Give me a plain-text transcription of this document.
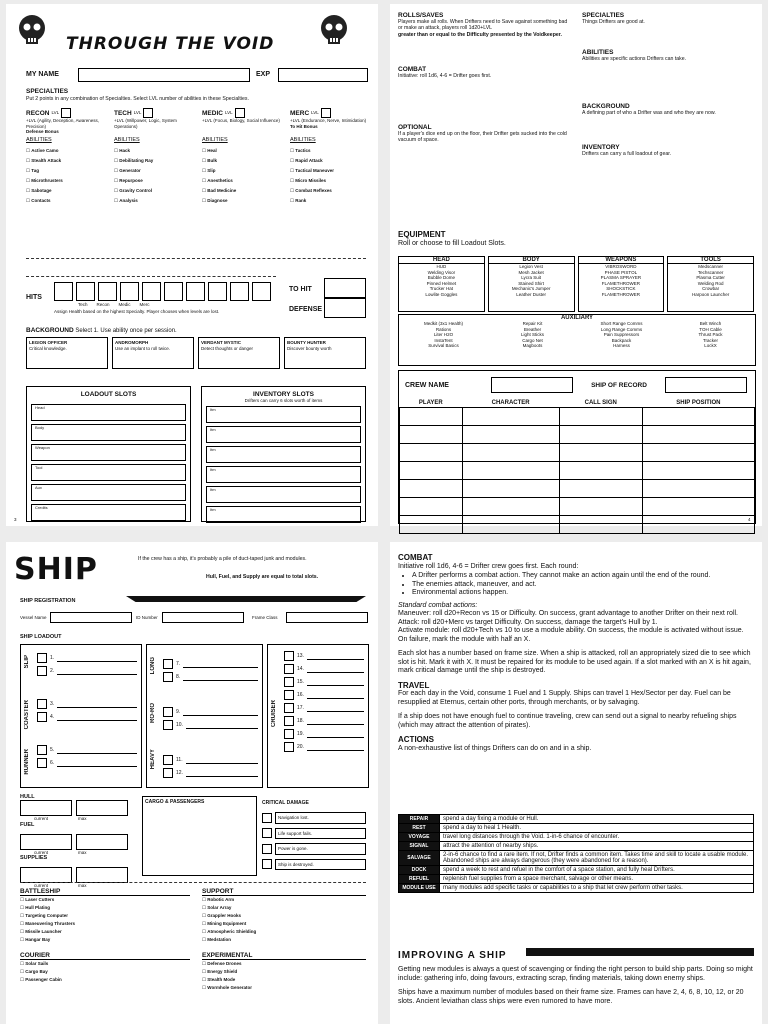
THROUGH THE VOID
MY NAME	EXP
SPECIALTIES
Put 2 points in any combination of Specialties. Select LVL number of abilities in these Specialties.
RECON LVL
+LVL (Agility, Deception, Awareness, Precision)
Defense Bonus
TECH LVL
+LVL (Willpower, Logic, System Operations)
MEDIC LVL
+LVL (Focus, Biology, Social Influence)
MERC LVL
+LVL (Endurance, Nerve, Intimidation)
To Hit Bonus
ABILITIES
☐ Active Camo
☐ Stealth Attack
☐ Tag
☐ Microthrusters
☐ Sabotage
☐ Contacts
ABILITIES
☐ Hack
☐ Debilitating Ray
☐ Generator
☐ Repurpose
☐ Gravity Control
☐ Analysis
ABILITIES
☐ Heal
☐ Bulk
☐ Slip
☐ Anesthetics
☐ Bad Medicine
☐ Diagnose
ABILITIES
☐ Tactics
☐ Rapid Attack
☐ Tactical Maneuver
☐ Micro Missiles
☐ Combat Reflexes
☐ Rank
TO HIT
DEFENSE
HITS
Tech Recon Medic Merc
Assign Health based on the highest Specialty. Player chooses when levels are lost.
BACKGROUND Select 1. Use ability once per session.
LEGION OFFICER
Critical knowledge.
ANDROMORPH
Use an implant to roll twice.
VERDANT MYSTIC
Detect thoughts or danger
BOUNTY HUNTER
Discover bounty worth
LOADOUT SLOTS
Head
Body
Weapon
Tool
Aux
Credits
INVENTORY SLOTS
Drifters can carry 6 slots worth of items
Itm
Itm
Itm
Itm
Itm
Itm
3
ROLLS/SAVES
Players make all rolls. When Drifters need to Save against something bad or make an attack, players roll 1d20+LVL
greater than or equal to the Difficulty presented by the Voidkeeper.
COMBAT
Initiative: roll 1d6, 4-6 = Drifter goes first.
OPTIONAL
If a player's dice end up on the floor, their Drifter gets sucked into the cold vacuum of space.
SPECIALTIES
Things Drifters are good at.
ABILITIES
Abilities are specific actions Drifters can take.
BACKGROUND
A defining part of who a Drifter was and who they are now.
INVENTORY
Drifters can carry a full loadout of gear.
EQUIPMENT
Roll or choose to fill Loadout Slots.
HEAD
HUD
Welding Visor
Bubble Dome
Pinned Helmet
Trucker Hat
Lowlite Goggles
BODY
Legion Vest
Mesh Jacket
Lycra Suit
Stained Shirt
Mechanic's Jumper
Leather Duster
WEAPONS
VIBROSWORD
PHASE PISTOL
PLASMA SPRAYER
FLAMETHROWER
SHOCKSTICK
FLAMETHROWER
TOOLS
Medscanner
Techscanner
Plasma Cutter
Welding Rod
Crowbar
Harpoon Launcher
AUXILIARY
Medkit (3x1 Health)
Rations
Liter H2O
InstaTent
Survival Basics
Repair Kit
Breather
Light Sticks
Cargo Net
Magboots
Short Range Comms
Long Range Comms
Pain Suppressors
Backpack
Harness
Belt Winch
TOH Cable
Thrust Pack
Tracker
LockX
CREW NAME	SHIP OF RECORD
PLAYER	CHARACTER	CALL SIGN	SHIP POSITION

4
SHIP	If the crew has a ship, it's probably a pile of duct-taped junk and modules.
Hull, Fuel, and Supply are equal to total slots.
SHIP REGISTRATION
Vessel Name	ID Number	Frame Class
SHIP LOADOUT
SLIP
COASTER
RUNNER
1.
2.
3.
4.
5.
6.
LONG
RO-RO
HEAVY
7.
8.
9.
10.
11.
12.
CRUISER
13.
14.
15.
16.
17.
18.
19.
20.
HULL
current	max
FUEL
current	max
SUPPLIES
current	max
CARGO & PASSENGERS	CRITICAL DAMAGE
Navigation lost.
Life support fails.
Power is gone.
Ship is destroyed.
BATTLESHIP
☐ Laser Cutters
☐ Hull Plating
☐ Targeting Computer
☐ Maneuvering Thrusters
☐ Missile Launcher
☐ Hangar Bay
COURIER
☐ Solar Sails
☐ Cargo Bay
☐ Passenger Cabin
SUPPORT
☐ Robotic Arm
☐ Solar Array
☐ Grappler Hooks
☐ Mining Equipment
☐ Atmospheric Shielding
☐ Medstation
EXPERIMENTAL
☐ Defense Drones
☐ Energy Shield
☐ Stealth Mode
☐ Wormhole Generator
COMBAT
Initiative roll 1d6, 4-6 = Drifter crew goes first. Each round:
• A Drifter performs a combat action. They cannot make an action again until the end of the round.
• The enemies attack, maneuver, and act.
• Environmental actions happen.
Standard combat actions:
Maneuver: roll d20+Recon vs 15 or Difficulty. On success, grant advantage to another Drifter on their next roll.
Attack: roll d20+Merc vs target Difficulty. On success, damage the target's Hull by 1.
Activate module: roll d20+Tech vs 10 to use a module ability. On success, the module is activated without issue. On failure, mark the module with half an X.
Each slot has a number based on frame size. When a ship is attacked, roll an appropriately sized die to see which slot is hit. Mark it with X. It must be repaired for its module to be used again. If a slot marked with an X is hit again, mark critical damage until the ship is destroyed.
TRAVEL
For each day in the Void, consume 1 Fuel and 1 Supply. Ships can travel 1 Hex/Sector per day. Fuel can be resupplied at Eternus, certain other ports, through merchants, or by salvaging.
If a ship does not have enough fuel to continue traveling, crew can send out a signal to nearby refueling ships (which may attract the attention of pirates).
ACTIONS
A non-exhaustive list of things Drifters can do on and in a ship.
REPAIR	spend a day fixing a module or Hull.
REST	spend a day to heal 1 Health.
VOYAGE	travel long distances through the Void. 1-in-6 chance of encounter.
SIGNAL	attract the attention of nearby ships.
SALVAGE	2-in-6 chance to find a rare item. If not, Drifter finds a common item. Takes time and skill to locate a usable module. Abandoned ships are always dangerous (they were abandoned for a reason).
DOCK	spend a week to rest and refuel in the comfort of a space station, and fully heal Drifters.
REFUEL	replenish fuel supplies from a space merchant, salvage or other means.
MODULE USE	many modules add specific tasks or capabilities to a ship that let crew perform other tasks.
IMPROVING A SHIP
Getting new modules is always a quest of scavenging or finding the right person to build ship parts. Doing so might include: gathering info, doing favours, extracting scrap, finding materials, taking down enemy ships.
Ships have a maximum number of modules based on their frame size. Frames can have 2, 4, 6, 8, 10, 12, or 20 slots. Ancient leviathan class ships were even rumored to have more.
